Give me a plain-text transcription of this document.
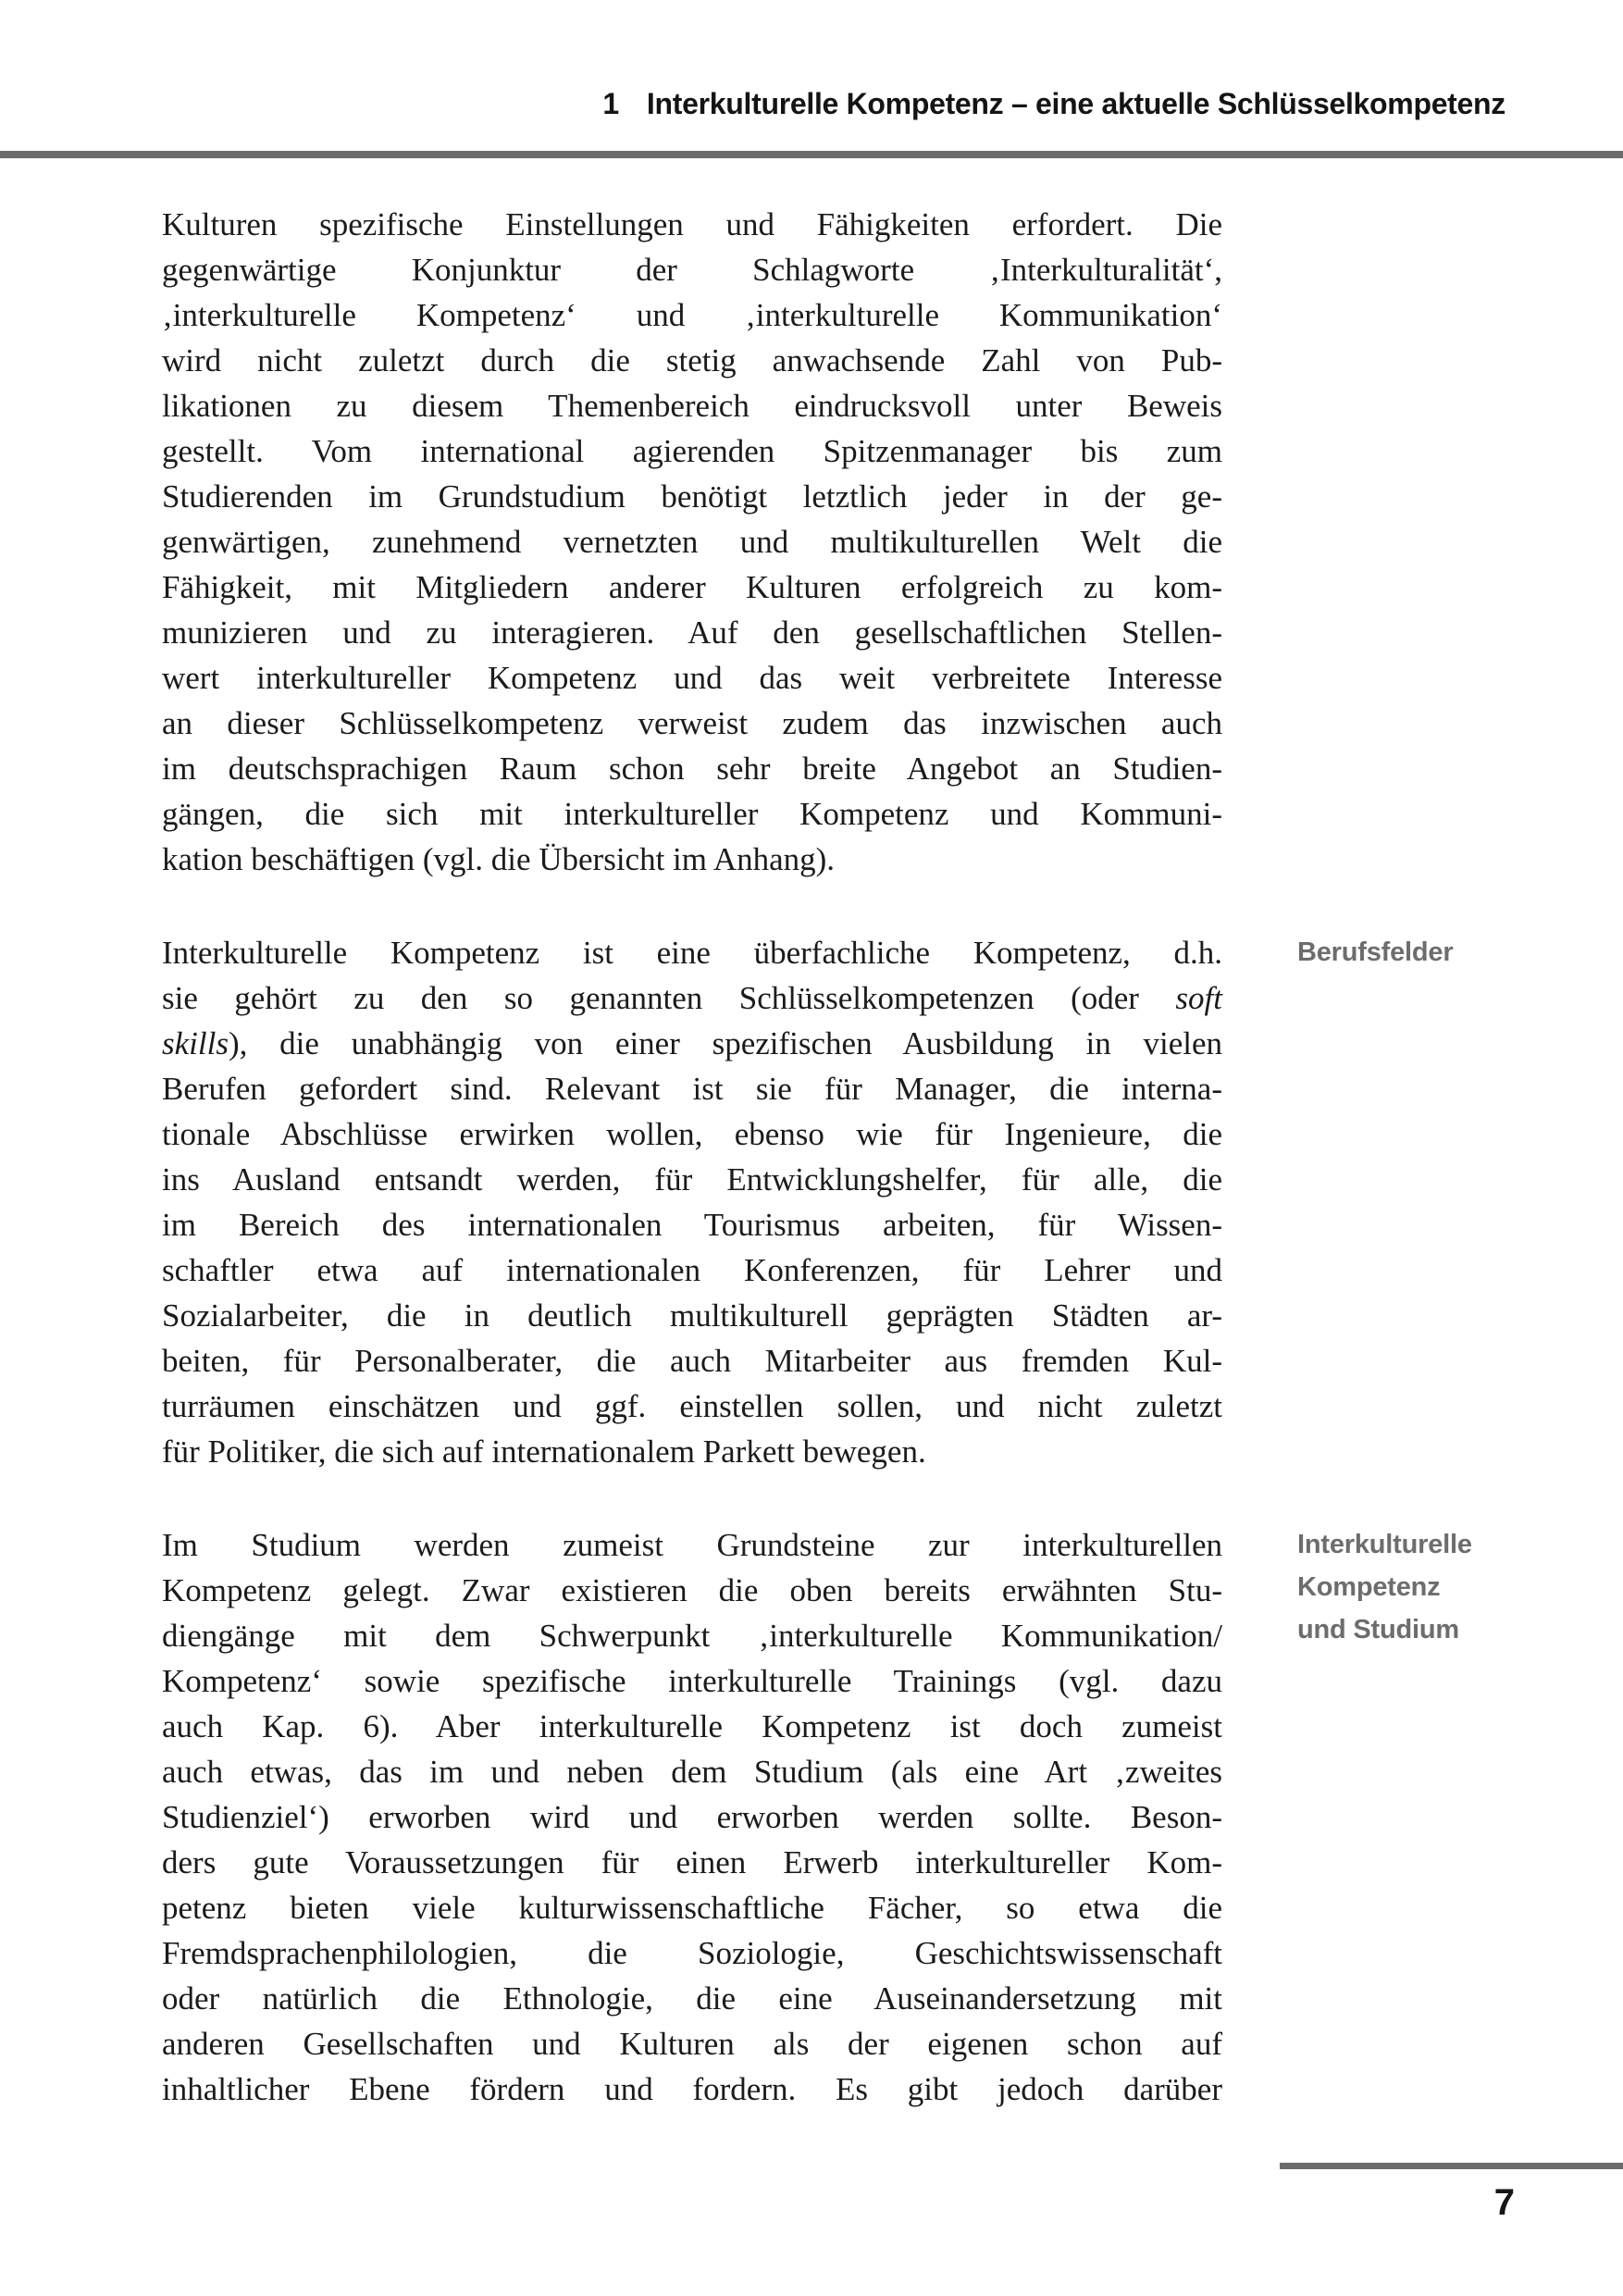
1 Interkulturelle Kompetenz – eine aktuelle Schlüsselkompetenz
Kulturen spezifische Einstellungen und Fähigkeiten erfordert. Die
gegenwärtige Konjunktur der Schlagworte ‚Interkulturalität‘,
‚interkulturelle Kompetenz‘ und ‚interkulturelle Kommunikation‘
wird nicht zuletzt durch die stetig anwachsende Zahl von Pub-
likationen zu diesem Themenbereich eindrucksvoll unter Beweis
gestellt. Vom international agierenden Spitzenmanager bis zum
Studierenden im Grundstudium benötigt letztlich jeder in der ge-
genwärtigen, zunehmend vernetzten und multikulturellen Welt die
Fähigkeit, mit Mitgliedern anderer Kulturen erfolgreich zu kom-
munizieren und zu interagieren. Auf den gesellschaftlichen Stellen-
wert interkultureller Kompetenz und das weit verbreitete Interesse
an dieser Schlüsselkompetenz verweist zudem das inzwischen auch
im deutschsprachigen Raum schon sehr breite Angebot an Studien-
gängen, die sich mit interkultureller Kompetenz und Kommuni-
kation beschäftigen (vgl. die Übersicht im Anhang).
Interkulturelle Kompetenz ist eine überfachliche Kompetenz, d.h.
sie gehört zu den so genannten Schlüsselkompetenzen (oder soft
skills), die unabhängig von einer spezifischen Ausbildung in vielen
Berufen gefordert sind. Relevant ist sie für Manager, die interna-
tionale Abschlüsse erwirken wollen, ebenso wie für Ingenieure, die
ins Ausland entsandt werden, für Entwicklungshelfer, für alle, die
im Bereich des internationalen Tourismus arbeiten, für Wissen-
schaftler etwa auf internationalen Konferenzen, für Lehrer und
Sozialarbeiter, die in deutlich multikulturell geprägten Städten ar-
beiten, für Personalberater, die auch Mitarbeiter aus fremden Kul-
turräumen einschätzen und ggf. einstellen sollen, und nicht zuletzt
für Politiker, die sich auf internationalem Parkett bewegen.
Berufsfelder
Im Studium werden zumeist Grundsteine zur interkulturellen
Kompetenz gelegt. Zwar existieren die oben bereits erwähnten Stu-
diengänge mit dem Schwerpunkt ‚interkulturelle Kommunikation/
Kompetenz‘ sowie spezifische interkulturelle Trainings (vgl. dazu
auch Kap. 6). Aber interkulturelle Kompetenz ist doch zumeist
auch etwas, das im und neben dem Studium (als eine Art ‚zweites
Studienziel‘) erworben wird und erworben werden sollte. Beson-
ders gute Voraussetzungen für einen Erwerb interkultureller Kom-
petenz bieten viele kulturwissenschaftliche Fächer, so etwa die
Fremdsprachenphilologien, die Soziologie, Geschichtswissenschaft
oder natürlich die Ethnologie, die eine Auseinandersetzung mit
anderen Gesellschaften und Kulturen als der eigenen schon auf
inhaltlicher Ebene fördern und fordern. Es gibt jedoch darüber
Interkulturelle
Kompetenz
und Studium
7
